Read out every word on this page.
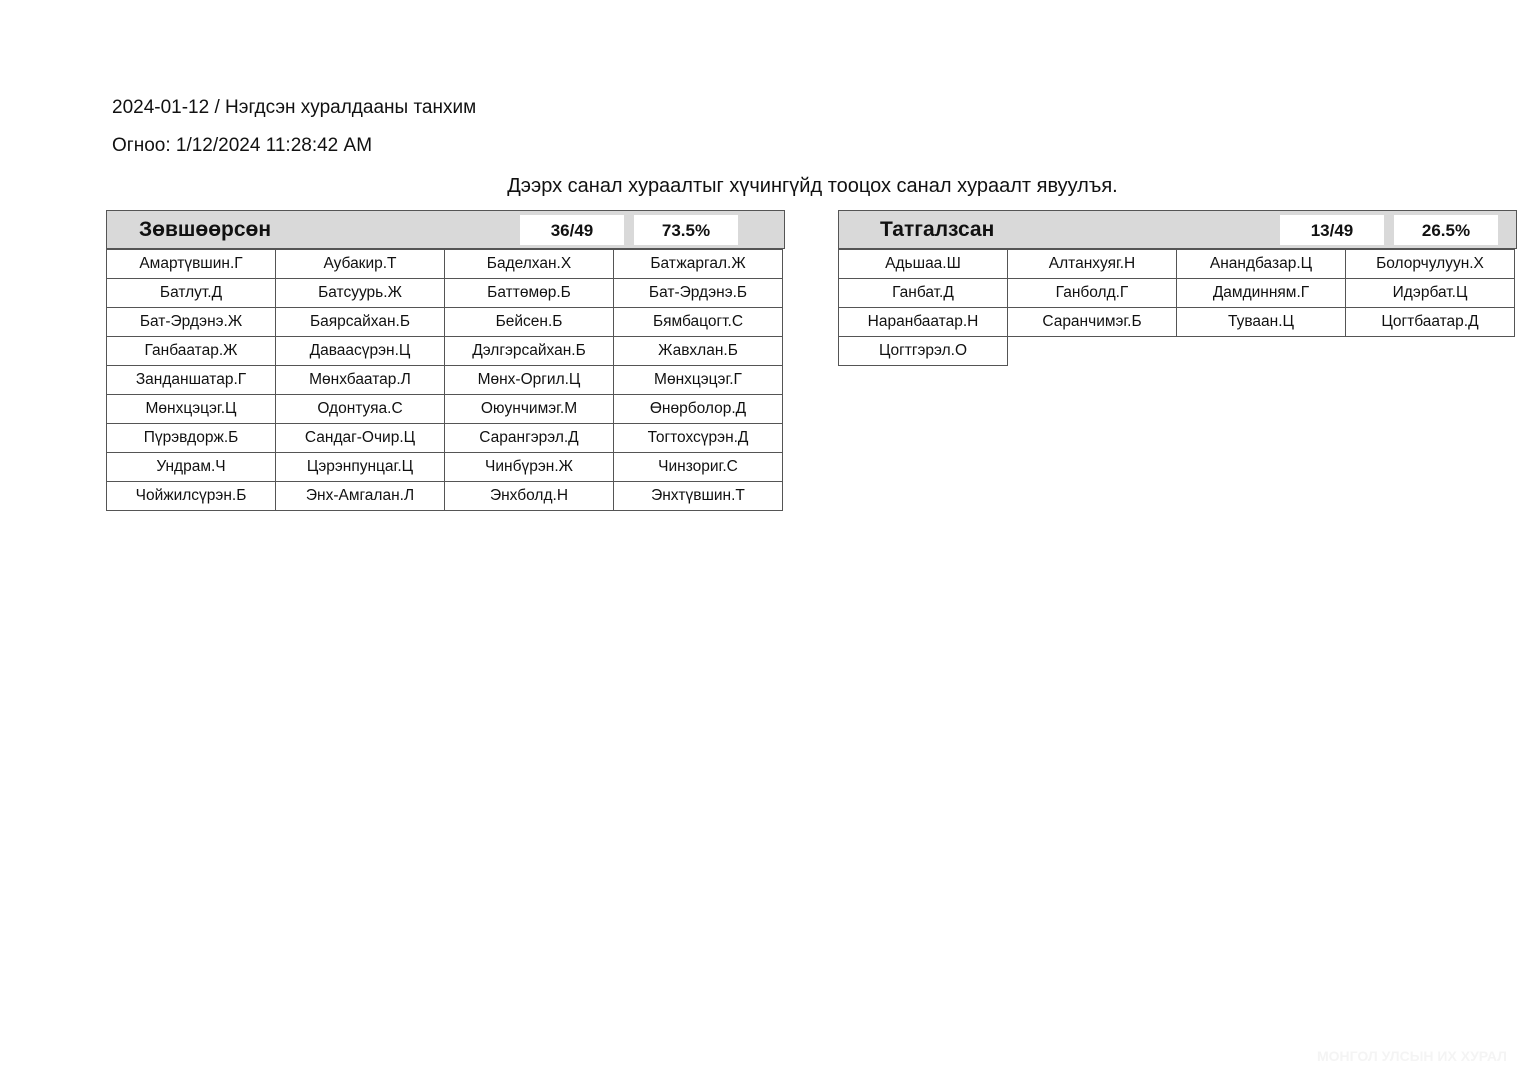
2024-01-12 / Нэгдсэн хуралдааны танхим
Огноо: 1/12/2024 11:28:42 AM
Дээрх санал хураалтыг хүчингүйд тооцох санал хураалт явуулъя.
Зөвшөөрсөн	36/49	73.5%
Амартүвшин.Г	Аубакир.Т	Баделхан.Х	Батжаргал.Ж
Батлут.Д	Батсуурь.Ж	Баттөмөр.Б	Бат-Эрдэнэ.Б
Бат-Эрдэнэ.Ж	Баярсайхан.Б	Бейсен.Б	Бямбацогт.С
Ганбаатар.Ж	Даваасүрэн.Ц	Дэлгэрсайхан.Б	Жавхлан.Б
Занданшатар.Г	Мөнхбаатар.Л	Мөнх-Оргил.Ц	Мөнхцэцэг.Г
Мөнхцэцэг.Ц	Одонтуяа.С	Оюунчимэг.М	Өнөрболор.Д
Пүрэвдорж.Б	Сандаг-Очир.Ц	Сарангэрэл.Д	Тогтохсүрэн.Д
Ундрам.Ч	Цэрэнпунцаг.Ц	Чинбүрэн.Ж	Чинзориг.С
Чойжилсүрэн.Б	Энх-Амгалан.Л	Энхболд.Н	Энхтүвшин.Т
Татгалзсан	13/49	26.5%
Адьшаа.Ш	Алтанхуяг.Н	Анандбазар.Ц	Болорчулуун.Х
Ганбат.Д	Ганболд.Г	Дамдинням.Г	Идэрбат.Ц
Наранбаатар.Н	Саранчимэг.Б	Туваан.Ц	Цогтбаатар.Д
Цогтгэрэл.О			
МОНГОЛ УЛСЫН ИХ ХУРАЛ
